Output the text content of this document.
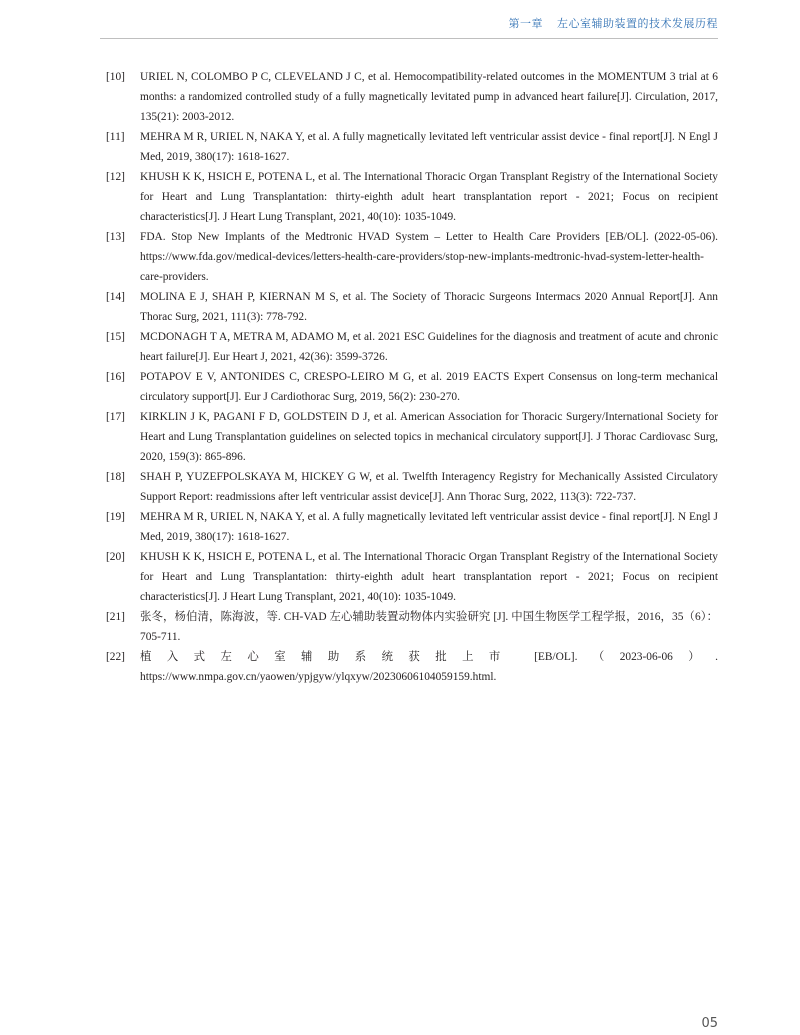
第一章 左心室辅助装置的技术发展历程
[10]	URIEL N, COLOMBO P C, CLEVELAND J C, et al. Hemocompatibility-related outcomes in the MOMENTUM 3 trial at 6 months: a randomized controlled study of a fully magnetically levitated pump in advanced heart failure[J]. Circulation, 2017, 135(21): 2003-2012.
[11]	MEHRA M R, URIEL N, NAKA Y, et al. A fully magnetically levitated left ventricular assist device - final report[J]. N Engl J Med, 2019, 380(17): 1618-1627.
[12]	KHUSH K K, HSICH E, POTENA L, et al. The International Thoracic Organ Transplant Registry of the International Society for Heart and Lung Transplantation: thirty-eighth adult heart transplantation report - 2021; Focus on recipient characteristics[J]. J Heart Lung Transplant, 2021, 40(10): 1035-1049.
[13]	FDA. Stop New Implants of the Medtronic HVAD System – Letter to Health Care Providers [EB/OL]. (2022-05-06). https://www.fda.gov/medical-devices/letters-health-care-providers/stop-new-implants-medtronic-hvad-system-letter-health-care-providers.
[14]	MOLINA E J, SHAH P, KIERNAN M S, et al. The Society of Thoracic Surgeons Intermacs 2020 Annual Report[J]. Ann Thorac Surg, 2021, 111(3): 778-792.
[15]	MCDONAGH T A, METRA M, ADAMO M, et al. 2021 ESC Guidelines for the diagnosis and treatment of acute and chronic heart failure[J]. Eur Heart J, 2021, 42(36): 3599-3726.
[16]	POTAPOV E V, ANTONIDES C, CRESPO-LEIRO M G, et al. 2019 EACTS Expert Consensus on long-term mechanical circulatory support[J]. Eur J Cardiothorac Surg, 2019, 56(2): 230-270.
[17]	KIRKLIN J K, PAGANI F D, GOLDSTEIN D J, et al. American Association for Thoracic Surgery/International Society for Heart and Lung Transplantation guidelines on selected topics in mechanical circulatory support[J]. J Thorac Cardiovasc Surg, 2020, 159(3): 865-896.
[18]	SHAH P, YUZEFPOLSKAYA M, HICKEY G W, et al. Twelfth Interagency Registry for Mechanically Assisted Circulatory Support Report: readmissions after left ventricular assist device[J]. Ann Thorac Surg, 2022, 113(3): 722-737.
[19]	MEHRA M R, URIEL N, NAKA Y, et al. A fully magnetically levitated left ventricular assist device - final report[J]. N Engl J Med, 2019, 380(17): 1618-1627.
[20]	KHUSH K K, HSICH E, POTENA L, et al. The International Thoracic Organ Transplant Registry of the International Society for Heart and Lung Transplantation: thirty-eighth adult heart transplantation report - 2021; Focus on recipient characteristics[J]. J Heart Lung Transplant, 2021, 40(10): 1035-1049.
[21]	张冬，杨伯清，陈海波，等. CH-VAD 左心辅助装置动物体内实验研究 [J]. 中国生物医学工程学报，2016，35（6）：705-711.
[22]	植入式左心室辅助系统获批上市 [EB/OL].（2023-06-06）. https://www.nmpa.gov.cn/yaowen/ypjgyw/ylqxyw/20230606104059159.html.
05
